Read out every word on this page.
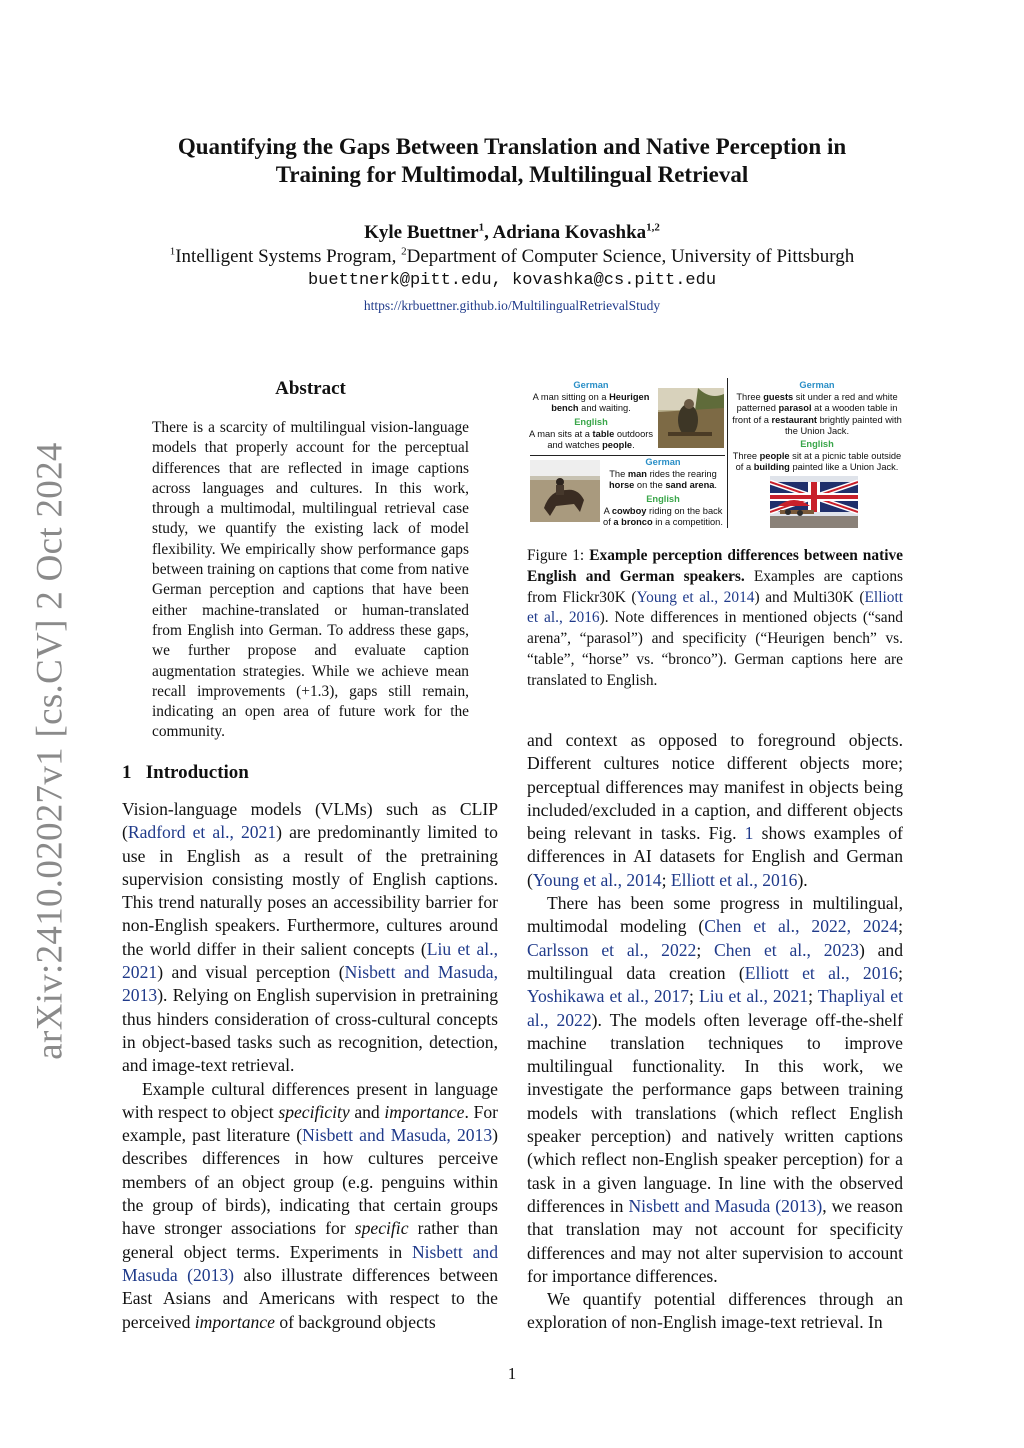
arXiv:2410.02027v1 [cs.CV] 2 Oct 2024
Quantifying the Gaps Between Translation and Native Perception in
Training for Multimodal, Multilingual Retrieval
Kyle Buettner$^1$, Adriana Kovashka$^{1,2}$
$^1$Intelligent Systems Program, $^2$Department of Computer Science, University of Pittsburgh
buettnerk@pitt.edu, kovashka@cs.pitt.edu
https://krbuettner.github.io/MultilingualRetrievalStudy
Abstract
There is a scarcity of multilingual vision-language models that properly account for the perceptual differences that are reflected in image captions across languages and cultures. In this work, through a multimodal, multilingual retrieval case study, we quantify the existing lack of model flexibility. We empirically show performance gaps between training on captions that come from native German perception and captions that have been either machine-translated or human-translated from English into German. To address these gaps, we further propose and evaluate caption augmentation strategies. While we achieve mean recall improvements (+1.3), gaps still remain, indicating an open area of future work for the community.
1 Introduction

Vision-language models (VLMs) such as CLIP (Radford et al., 2021) are predominantly limited to use in English as a result of the pretraining supervision consisting mostly of English captions. This trend naturally poses an accessibility barrier for non-English speakers. Furthermore, cultures around the world differ in their salient concepts (Liu et al., 2021) and visual perception (Nisbett and Masuda, 2013). Relying on English supervision in pretraining thus hinders consideration of cross-cultural concepts in object-based tasks such as recognition, detection, and image-text retrieval.

Example cultural differences present in language with respect to object specificity and importance. For example, past literature (Nisbett and Masuda, 2013) describes differences in how cultures perceive members of an object group (e.g. penguins within the group of birds), indicating that certain groups have stronger associations for specific rather than general object terms. Experiments in Nisbett and Masuda (2013) also illustrate differences between East Asians and Americans with respect to the perceived importance of background objects

German
A man sitting on a Heurigen bench and waiting.
English
A man sits at a table outdoors and watches people.
German
The man rides the rearing horse on the sand arena.
English
A cowboy riding on the back of a bronco in a competition.
German
Three guests sit under a red and white patterned parasol at a wooden table in front of a restaurant brightly painted with the Union Jack.
English
Three people sit at a picnic table outside of a building painted like a Union Jack.
Figure 1: Example perception differences between native English and German speakers. Examples are captions from Flickr30K (Young et al., 2014) and Multi30K (Elliott et al., 2016). Note differences in mentioned objects (“sand arena”, “parasol”) and specificity (“Heurigen bench” vs. “table”, “horse” vs. “bronco”). German captions here are translated to English.

and context as opposed to foreground objects. Different cultures notice different objects more; perceptual differences may manifest in objects being included/excluded in a caption, and different objects being relevant in tasks. Fig. 1 shows examples of differences in AI datasets for English and German (Young et al., 2014; Elliott et al., 2016).

There has been some progress in multilingual, multimodal modeling (Chen et al., 2022, 2024; Carlsson et al., 2022; Chen et al., 2023) and multilingual data creation (Elliott et al., 2016; Yoshikawa et al., 2017; Liu et al., 2021; Thapliyal et al., 2022). The models often leverage off-the-shelf machine translation techniques to improve multilingual functionality. In this work, we investigate the performance gaps between training models with translations (which reflect English speaker perception) and natively written captions (which reflect non-English speaker perception) for a task in a given language. In line with the observed differences in Nisbett and Masuda (2013), we reason that translation may not account for specificity differences and may not alter supervision to account for importance differences.

We quantify potential differences through an exploration of non-English image-text retrieval. In

1
